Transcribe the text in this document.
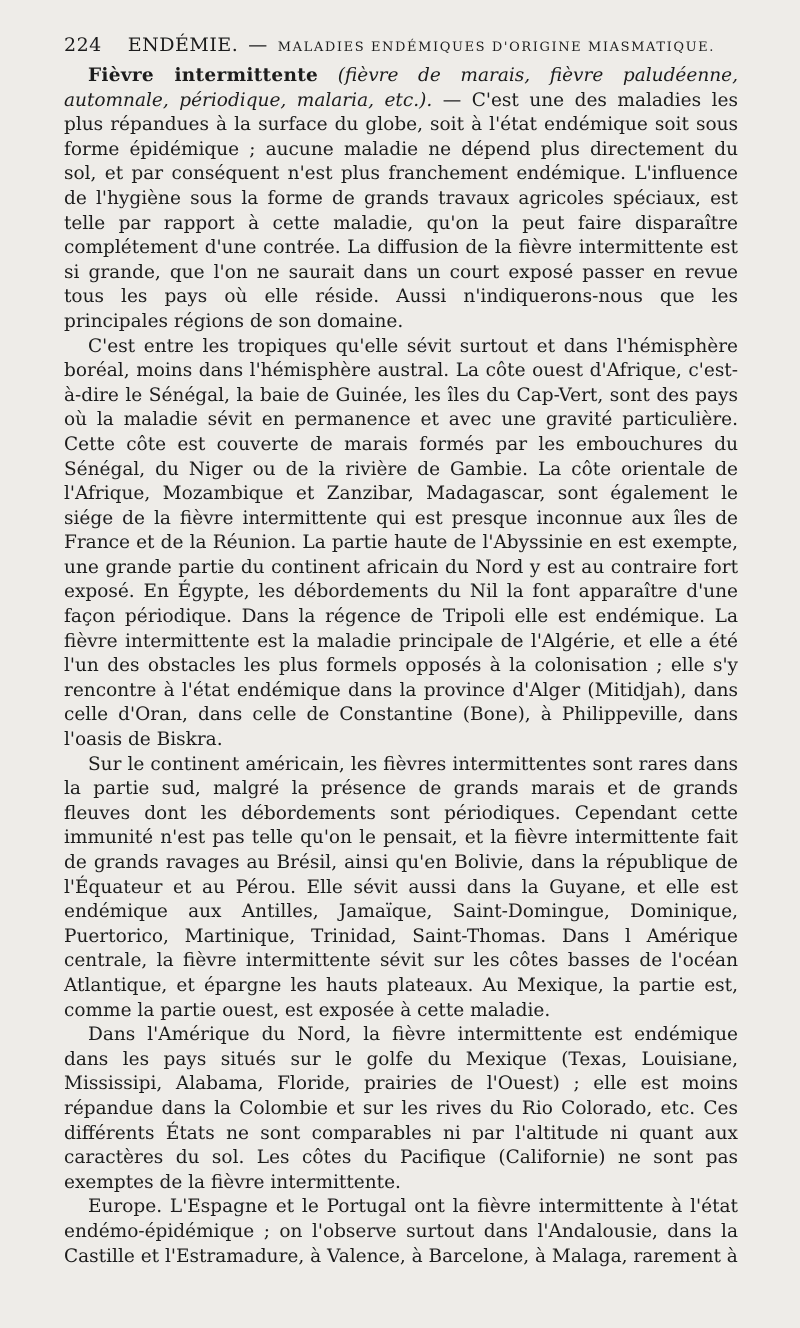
224 ENDÉMIE. — MALADIES ENDÉMIQUES D'ORIGINE MIASMATIQUE.

Fièvre intermittente (fièvre de marais, fièvre paludéenne, automnale, périodique, malaria, etc.). — C'est une des maladies les plus répandues à la surface du globe, soit à l'état endémique soit sous forme épidémique ; aucune maladie ne dépend plus directement du sol, et par conséquent n'est plus franchement endémique. L'influence de l'hygiène sous la forme de grands travaux agricoles spéciaux, est telle par rapport à cette maladie, qu'on la peut faire disparaître complétement d'une contrée. La diffusion de la fièvre intermittente est si grande, que l'on ne saurait dans un court exposé passer en revue tous les pays où elle réside. Aussi n'indiquerons-nous que les principales régions de son domaine.

C'est entre les tropiques qu'elle sévit surtout et dans l'hémisphère boréal, moins dans l'hémisphère austral. La côte ouest d'Afrique, c'est-à-dire le Sénégal, la baie de Guinée, les îles du Cap-Vert, sont des pays où la maladie sévit en permanence et avec une gravité particulière. Cette côte est couverte de marais formés par les embouchures du Sénégal, du Niger ou de la rivière de Gambie. La côte orientale de l'Afrique, Mozambique et Zanzibar, Madagascar, sont également le siége de la fièvre intermittente qui est presque inconnue aux îles de France et de la Réunion. La partie haute de l'Abyssinie en est exempte, une grande partie du continent africain du Nord y est au contraire fort exposé. En Égypte, les débordements du Nil la font apparaître d'une façon périodique. Dans la régence de Tripoli elle est endémique. La fièvre intermittente est la maladie principale de l'Algérie, et elle a été l'un des obstacles les plus formels opposés à la colonisation ; elle s'y rencontre à l'état endémique dans la province d'Alger (Mitidjah), dans celle d'Oran, dans celle de Constantine (Bone), à Philippeville, dans l'oasis de Biskra.

Sur le continent américain, les fièvres intermittentes sont rares dans la partie sud, malgré la présence de grands marais et de grands fleuves dont les débordements sont périodiques. Cependant cette immunité n'est pas telle qu'on le pensait, et la fièvre intermittente fait de grands ravages au Brésil, ainsi qu'en Bolivie, dans la république de l'Équateur et au Pérou. Elle sévit aussi dans la Guyane, et elle est endémique aux Antilles, Jamaïque, Saint-Domingue, Dominique, Puertorico, Martinique, Trinidad, Saint-Thomas. Dans l Amérique centrale, la fièvre intermittente sévit sur les côtes basses de l'océan Atlantique, et épargne les hauts plateaux. Au Mexique, la partie est, comme la partie ouest, est exposée à cette maladie.

Dans l'Amérique du Nord, la fièvre intermittente est endémique dans les pays situés sur le golfe du Mexique (Texas, Louisiane, Mississipi, Alabama, Floride, prairies de l'Ouest) ; elle est moins répandue dans la Colombie et sur les rives du Rio Colorado, etc. Ces différents États ne sont comparables ni par l'altitude ni quant aux caractères du sol. Les côtes du Pacifique (Californie) ne sont pas exemptes de la fièvre intermittente.

Europe. L'Espagne et le Portugal ont la fièvre intermittente à l'état endémo-épidémique ; on l'observe surtout dans l'Andalousie, dans la Castille et l'Estramadure, à Valence, à Barcelone, à Malaga, rarement à
